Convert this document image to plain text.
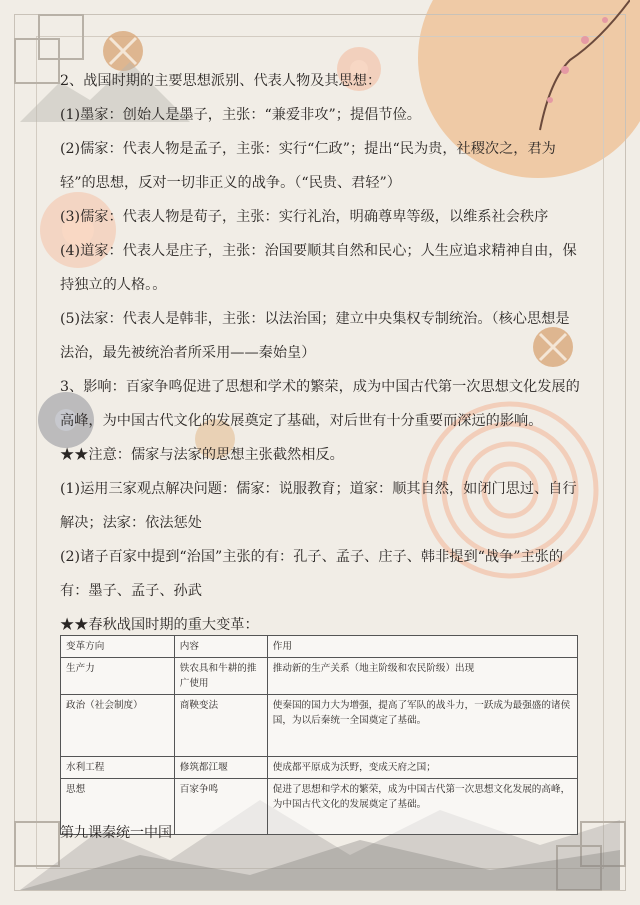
2、战国时期的主要思想派别、代表人物及其思想：

(1)墨家：创始人是墨子，主张：“兼爱非攻”；提倡节俭。

(2)儒家：代表人物是孟子，主张：实行“仁政”；提出“民为贵，社稷次之，君为轻”的思想，反对一切非正义的战争。（“民贵、君轻”）

(3)儒家：代表人物是荀子，主张：实行礼治，明确尊卑等级，以维系社会秩序

(4)道家：代表人是庄子，主张：治国要顺其自然和民心；人生应追求精神自由，保持独立的人格。。

(5)法家：代表人是韩非，主张：以法治国；建立中央集权专制统治。（核心思想是法治，最先被统治者所采用——秦始皇）

3、影响：百家争鸣促进了思想和学术的繁荣，成为中国古代第一次思想文化发展的高峰，为中国古代文化的发展奠定了基础，对后世有十分重要而深远的影响。

★★注意：儒家与法家的思想主张截然相反。

(1)运用三家观点解决问题：儒家：说服教育；道家：顺其自然，如闭门思过、自行解决；法家：依法惩处

(2)诸子百家中提到“治国”主张的有：孔子、孟子、庄子、韩非提到“战争”主张的有：墨子、孟子、孙武

★★春秋战国时期的重大变革：

变革方向	内容	作用
生产力	铁农具和牛耕的推广使用	推动新的生产关系（地主阶级和农民阶级）出现
政治（社会制度）	商鞅变法	使秦国的国力大为增强，提高了军队的战斗力，一跃成为最强盛的诸侯国，为以后秦统一全国奠定了基础。
水利工程	修筑都江堰	使成都平原成为沃野，变成天府之国；
思想	百家争鸣	促进了思想和学术的繁荣，成为中国古代第一次思想文化发展的高峰，为中国古代文化的发展奠定了基础。
第九课秦统一中国
